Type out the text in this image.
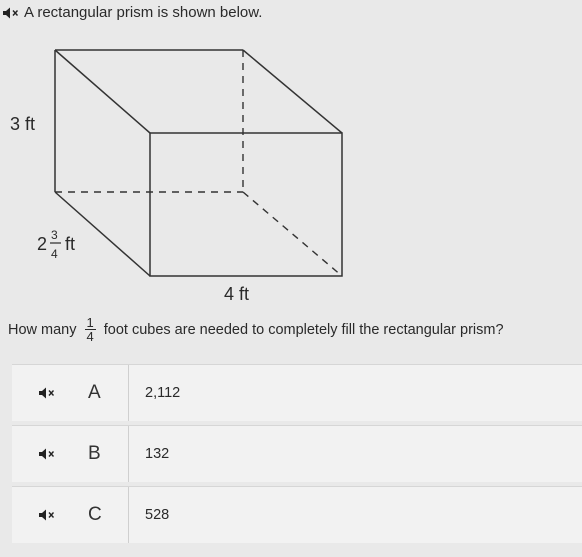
A rectangular prism is shown below.
3 ft
2 3
4 ft
4 ft
How many $\frac{1}{4}$ foot cubes are needed to completely fill the rectangular prism?
A	2,112
B	132
C	528
